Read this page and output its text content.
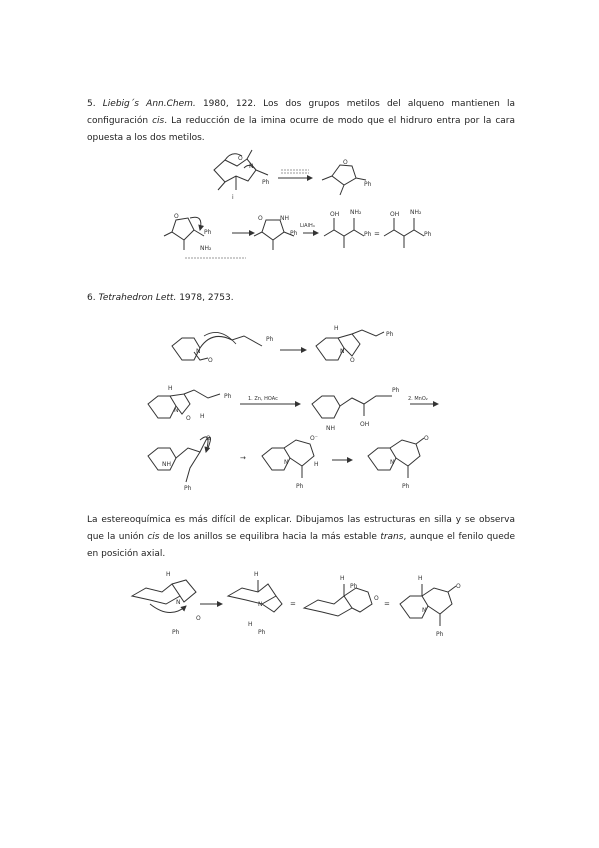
5. Liebig´s Ann.Chem. 1980, 122. Los dos grupos metilos del alqueno mantienen la configuración cis. La reducción de la imina ocurre de modo que el hidruro entra por la cara opuesta a los dos metilos.
6. Tetrahedron Lett. 1978, 2753.
La estereoquímica es más difícil de explicar. Dibujamos las estructuras en silla y se observa que la unión cis de los anillos se equilibra hacia la más estable trans, aunque el fenilo quede en posición axial.
O
N
Ph
i
O
Ph
O
Ph
NH₂
O	NH
Ph
LiAlH₄
OH NH₂
Ph =
OH NH₂
Ph
N
O
Ph
H
N
O
Ph
H
N
O
Ph
H
1. Zn, HOAc
NH
OH
Ph
2. MnO₂
NH
O
Ph
→
N
O⁻
H
Ph
N
O
Ph
H
N
O
Ph
H
N
H
Ph
=
H
Ph
O
=
H
N
O
Ph
